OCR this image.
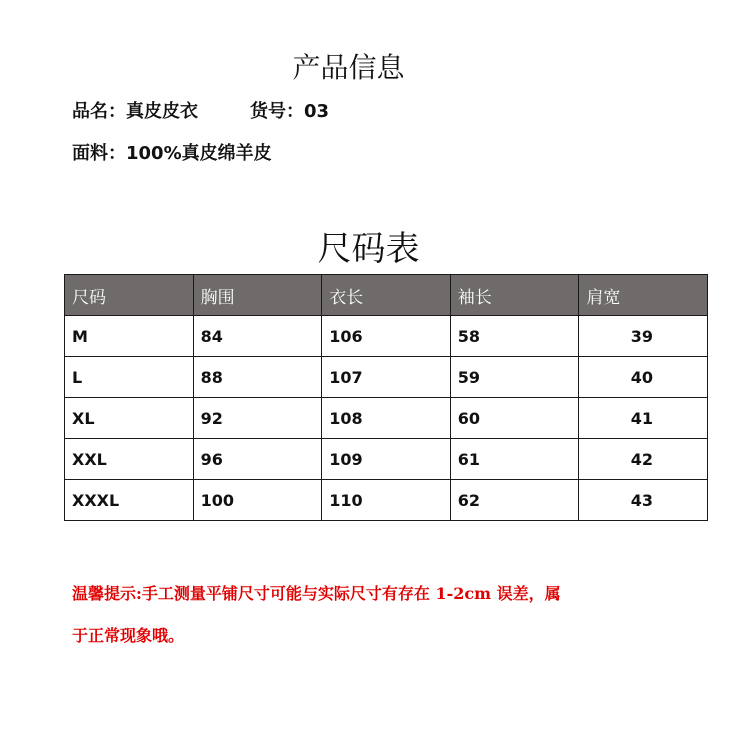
产品信息
品名：真皮皮衣	货号：03
面料：100%真皮绵羊皮
尺码表
尺码	胸围	衣长	袖长	肩宽
M	84	106	58	39
L	88	107	59	40
XL	92	108	60	41
XXL	96	109	61	42
XXXL	100	110	62	43
温馨提示:手工测量平铺尺寸可能与实际尺寸有存在 1-2cm 误差，属
于正常现象哦。
